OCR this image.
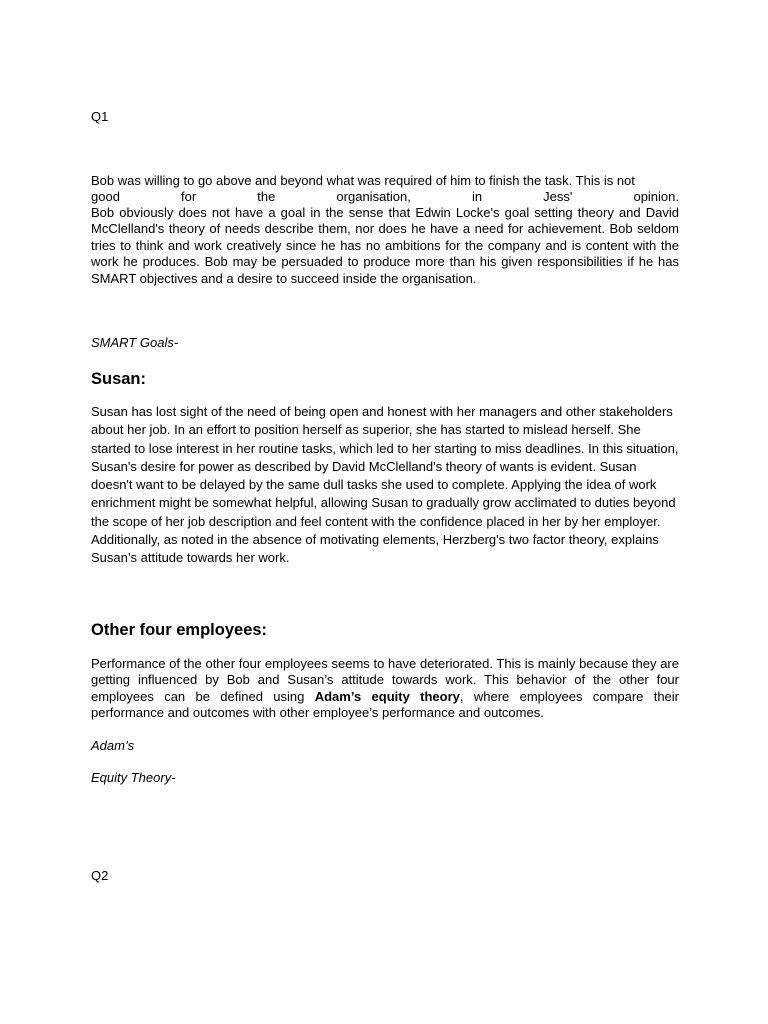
Q1

Bob was willing to go above and beyond what was required of him to finish the task. This is not

good for the organisation, in Jess' opinion.

Bob obviously does not have a goal in the sense that Edwin Locke's goal setting theory and David McClelland's theory of needs describe them, nor does he have a need for achievement. Bob seldom tries to think and work creatively since he has no ambitions for the company and is content with the work he produces. Bob may be persuaded to produce more than his given responsibilities if he has SMART objectives and a desire to succeed inside the organisation.

SMART Goals-

Susan:

Susan has lost sight of the need of being open and honest with her managers and other stakeholders about her job. In an effort to position herself as superior, she has started to mislead herself. She started to lose interest in her routine tasks, which led to her starting to miss deadlines. In this situation, Susan's desire for power as described by David McClelland's theory of wants is evident. Susan doesn't want to be delayed by the same dull tasks she used to complete. Applying the idea of work enrichment might be somewhat helpful, allowing Susan to gradually grow acclimated to duties beyond the scope of her job description and feel content with the confidence placed in her by her employer. Additionally, as noted in the absence of motivating elements, Herzberg's two factor theory, explains Susan’s attitude towards her work.

Other four employees:

Performance of the other four employees seems to have deteriorated. This is mainly because they are getting influenced by Bob and Susan’s attitude towards work. This behavior of the other four employees can be defined using Adam’s equity theory, where employees compare their performance and outcomes with other employee’s performance and outcomes.

Adam’s

Equity Theory-

Q2
